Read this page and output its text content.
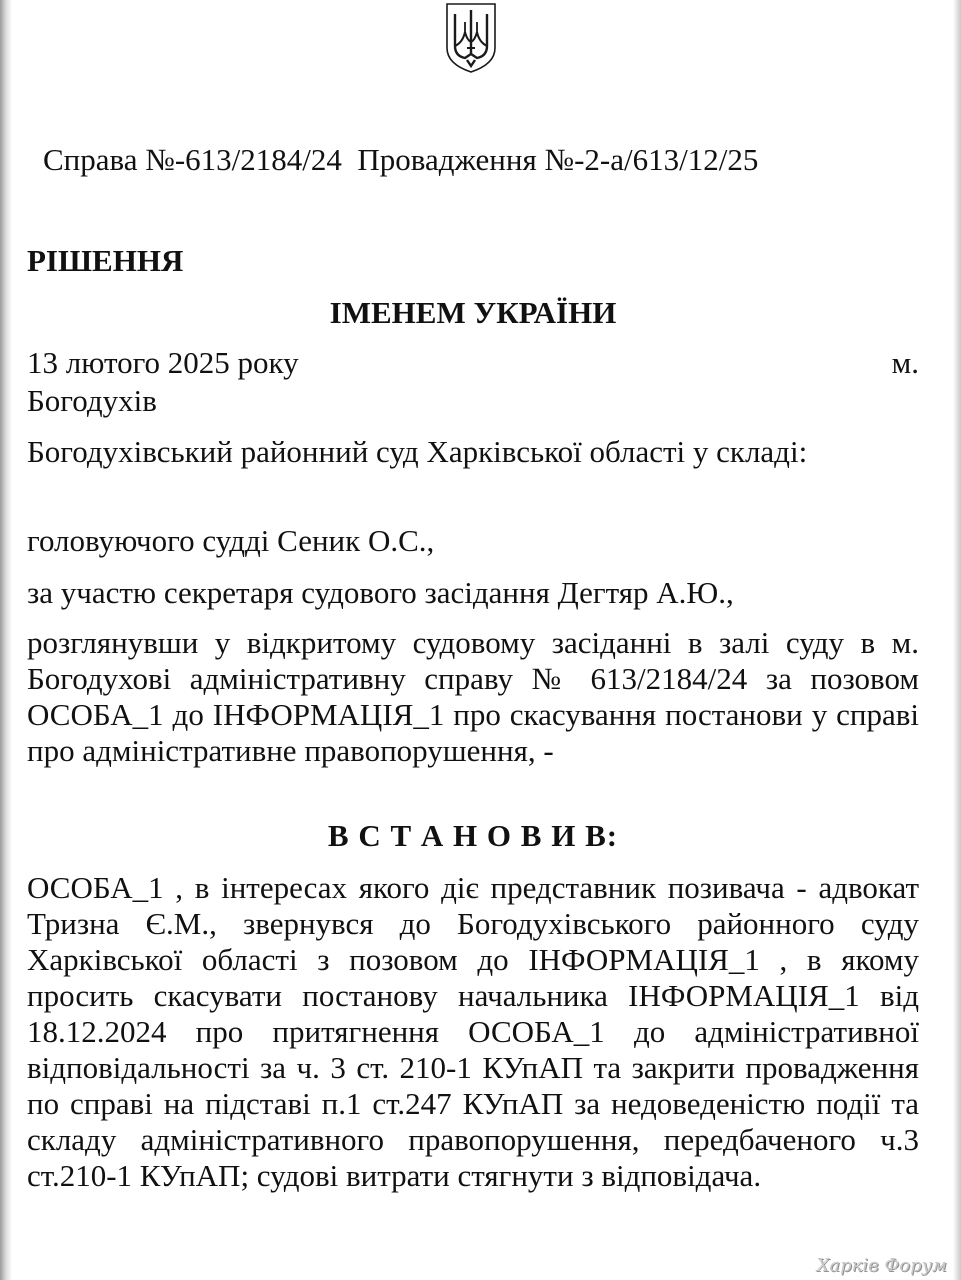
Справа №-613/2184/24  Провадження №-2-а/613/12/25
РІШЕННЯ
ІМЕНЕМ УКРАЇНИ
13 лютого 2025 року	м.
Богодухів
Богодухівський районний суд Харківської області у складі:
головуючого судді Сеник О.С.,
за участю секретаря судового засідання Дегтяр А.Ю.,
розглянувши у відкритому судовому засіданні в залі суду в м. Богодухові адміністративну справу № 613/2184/24 за позовом ОСОБА_1 до ІНФОРМАЦІЯ_1 про скасування постанови у справі про адміністративне правопорушення, -
В С Т А Н О В И В:
ОСОБА_1 , в інтересах якого діє представник позивача - адвокат Тризна Є.М., звернувся до Богодухівського районного суду Харківської області з позовом до ІНФОРМАЦІЯ_1 , в якому просить скасувати постанову начальника ІНФОРМАЦІЯ_1 від 18.12.2024 про притягнення ОСОБА_1 до адміністративної відповідальності за ч. 3 ст. 210-1 КУпАП та закрити провадження по справі на підставі п.1 ст.247 КУпАП за недоведеністю події та складу адміністративного правопорушення, передбаченого ч.3 ст.210-1 КУпАП; судові витрати стягнути з відповідача.
Харків Форум
